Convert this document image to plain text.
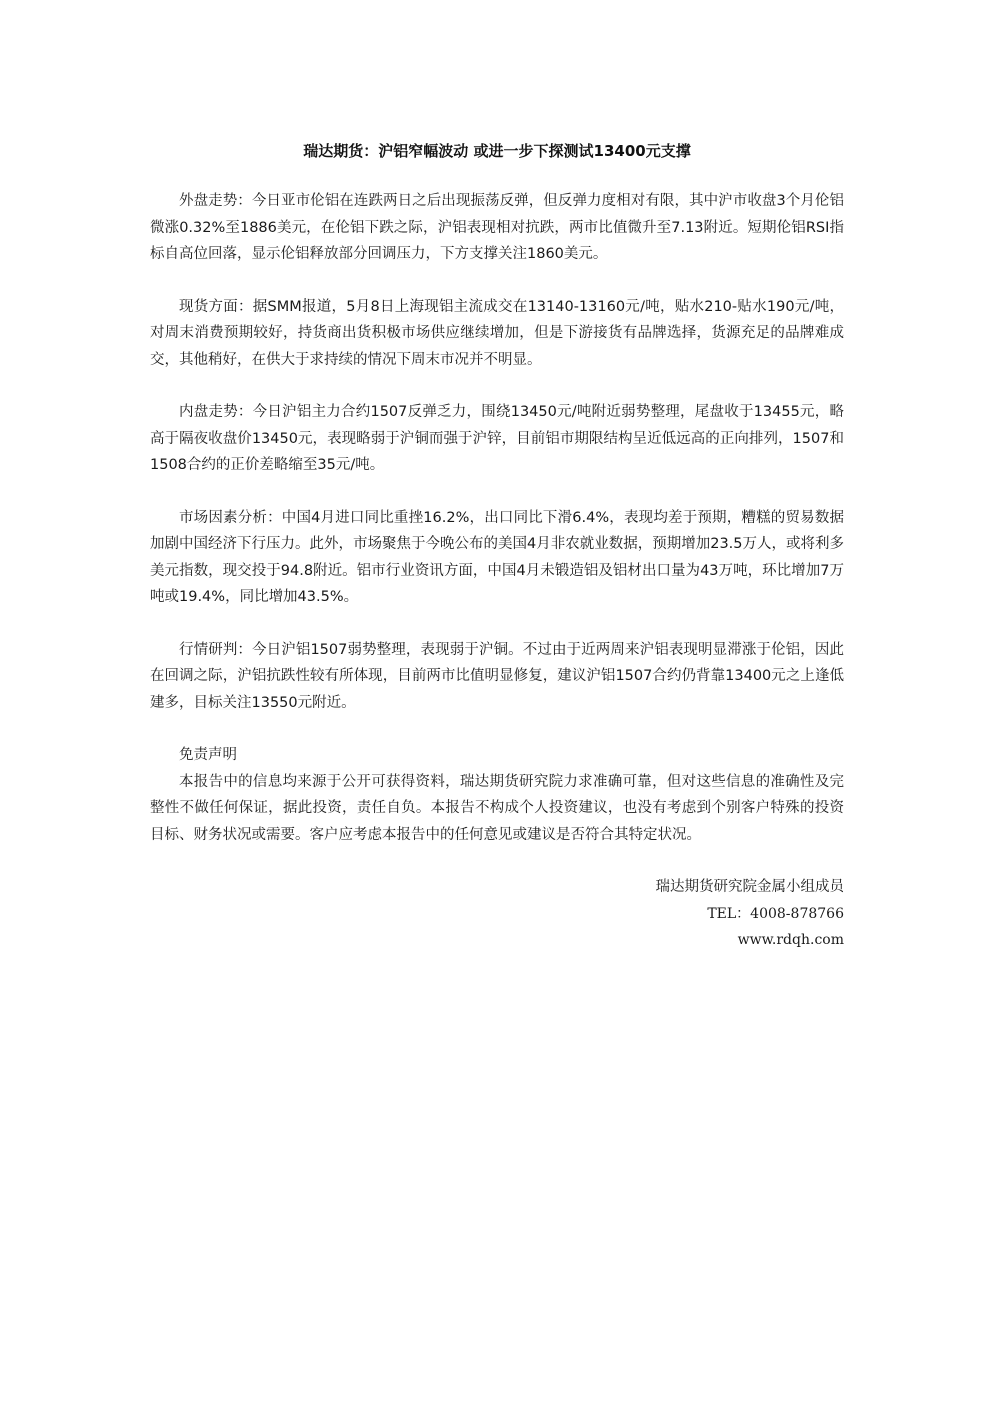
瑞达期货：沪铝窄幅波动 或进一步下探测试13400元支撑

外盘走势：今日亚市伦铝在连跌两日之后出现振荡反弹，但反弹力度相对有限，其中沪市收盘3个月伦铝微涨0.32%至1886美元，在伦铝下跌之际，沪铝表现相对抗跌，两市比值微升至7.13附近。短期伦铝RSI指标自高位回落，显示伦铝释放部分回调压力，下方支撑关注1860美元。

现货方面：据SMM报道，5月8日上海现铝主流成交在13140-13160元/吨，贴水210-贴水190元/吨，对周末消费预期较好，持货商出货积极市场供应继续增加，但是下游接货有品牌选择，货源充足的品牌难成交，其他稍好，在供大于求持续的情况下周末市况并不明显。

内盘走势：今日沪铝主力合约1507反弹乏力，围绕13450元/吨附近弱势整理，尾盘收于13455元，略高于隔夜收盘价13450元，表现略弱于沪铜而强于沪锌，目前铝市期限结构呈近低远高的正向排列，1507和1508合约的正价差略缩至35元/吨。

市场因素分析：中国4月进口同比重挫16.2%，出口同比下滑6.4%，表现均差于预期，糟糕的贸易数据加剧中国经济下行压力。此外，市场聚焦于今晚公布的美国4月非农就业数据，预期增加23.5万人，或将利多美元指数，现交投于94.8附近。铝市行业资讯方面，中国4月未锻造铝及铝材出口量为43万吨，环比增加7万吨或19.4%，同比增加43.5%。

行情研判：今日沪铝1507弱势整理，表现弱于沪铜。不过由于近两周来沪铝表现明显滞涨于伦铝，因此在回调之际，沪铝抗跌性较有所体现，目前两市比值明显修复，建议沪铝1507合约仍背靠13400元之上逢低建多，目标关注13550元附近。

免责声明

本报告中的信息均来源于公开可获得资料，瑞达期货研究院力求准确可靠，但对这些信息的准确性及完整性不做任何保证，据此投资，责任自负。本报告不构成个人投资建议，也没有考虑到个别客户特殊的投资目标、财务状况或需要。客户应考虑本报告中的任何意见或建议是否符合其特定状况。

瑞达期货研究院金属小组成员

TEL：4008-878766

www.rdqh.com
